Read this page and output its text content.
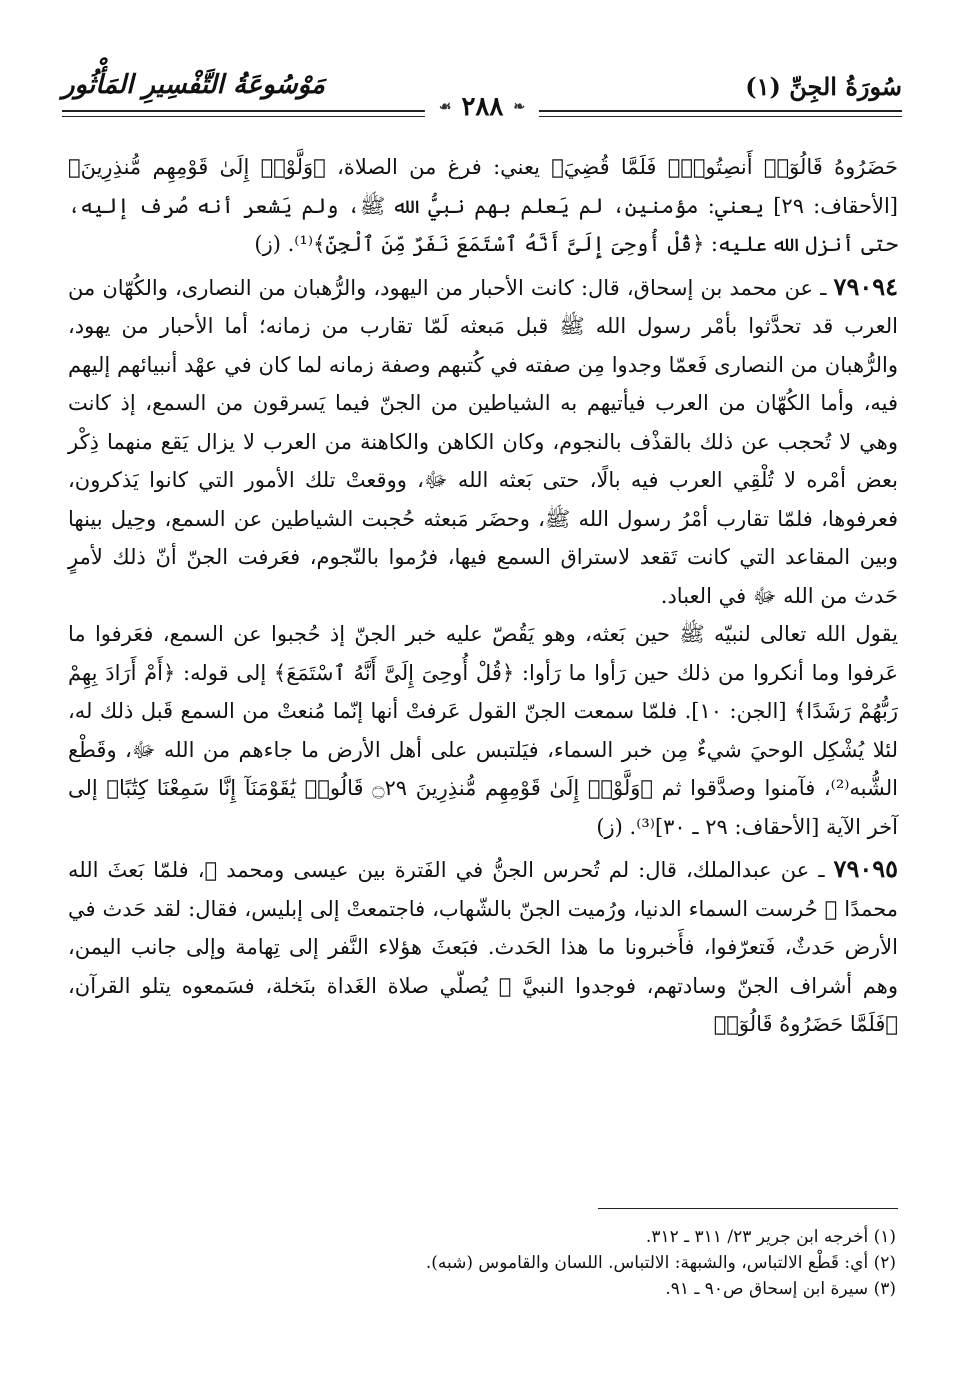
سُورَةُ الجِنِّ (١)
مَوْسُوعَةُ التَّفْسِيرِ المَأْثُور
❧
٢٨٨
☙

حَضَرُوهُ قَالُوٓا۟ أَنصِتُوا۟ۖ فَلَمَّا قُضِيَ﴾ يعني: فرغ من الصلاة، ﴿وَلَّوْا۟ إِلَىٰ قَوْمِهِم مُّنذِرِينَ﴾ [الأحقاف: ٢٩] يعني: مؤمنين، لم يَعلم بهم نبيُّ الله ﷺ، ولم يَشعر أنه صُرف إليه، حتى أنزل الله عليه: ﴿قُلْ أُوحِىَ إِلَىَّ أَنَّهُ ٱسْتَمَعَ نَفَرٌ مِّنَ ٱلْجِنِّ﴾⁽¹⁾. (ز)

٧٩٠٩٤ ـ عن محمد بن إسحاق، قال: كانت الأحبار من اليهود، والرُّهبان من النصارى، والكُهّان من العرب قد تحدَّثوا بأمْر رسول الله ﷺ قبل مَبعثه لَمّا تقارب من زمانه؛ أما الأحبار من يهود، والرُّهبان من النصارى فَعمّا وجدوا مِن صفته في كُتبهم وصفة زمانه لما كان في عهْد أنبيائهم إليهم فيه، وأما الكُهّان من العرب فيأتيهم به الشياطين من الجنّ فيما يَسرقون من السمع، إذ كانت وهي لا تُحجب عن ذلك بالقذْف بالنجوم، وكان الكاهن والكاهنة من العرب لا يزال يَقع منهما ذِكْر بعض أمْره لا تُلْقِي العرب فيه بالًا، حتى بَعثه الله ﷻ، ووقعتْ تلك الأمور التي كانوا يَذكرون، فعرفوها، فلمّا تقارب أمْرُ رسول الله ﷺ، وحضَر مَبعثه حُجبت الشياطين عن السمع، وحِيل بينها وبين المقاعد التي كانت تَقعد لاستراق السمع فيها، فرُموا بالنّجوم، فعَرفت الجنّ أنّ ذلك لأمرٍ حَدث من الله ﷻ في العباد.

يقول الله تعالى لنبيّه ﷺ حين بَعثه، وهو يَقُصّ عليه خبر الجنّ إذ حُجبوا عن السمع، فعَرفوا ما عَرفوا وما أنكروا من ذلك حين رَأوا ما رَأوا: ﴿قُلْ أُوحِىَ إِلَىَّ أَنَّهُ ٱسْتَمَعَ﴾ إلى قوله: ﴿أَمْ أَرَادَ بِهِمْ رَبُّهُمْ رَشَدًا﴾ [الجن: ١٠]. فلمّا سمعت الجنّ القول عَرفتْ أنها إنّما مُنعتْ من السمع قَبل ذلك له، لئلا يُشْكِل الوحيَ شيءٌ مِن خبر السماء، فيَلتبس على أهل الأرض ما جاءهم من الله ﷻ، وقَطْع الشُّبه⁽²⁾، فآمنوا وصدَّقوا ثم ﴿وَلَّوْا۟ إِلَىٰ قَوْمِهِم مُّنذِرِينَ ۝٢٩ قَالُوا۟ يَٰقَوْمَنَآ إِنَّا سَمِعْنَا كِتَٰبًا﴾ إلى آخر الآية [الأحقاف: ٢٩ ـ ٣٠]⁽³⁾. (ز)

٧٩٠٩٥ ـ عن عبدالملك، قال: لم تُحرس الجنُّ في الفَترة بين عيسى ومحمد ﷺ، فلمّا بَعثَ الله محمدًا ﷺ حُرست السماء الدنيا، ورُميت الجنّ بالشّهاب، فاجتمعتْ إلى إبليس، فقال: لقد حَدث في الأرض حَدثٌ، فَتعرّفوا، فأَخبرونا ما هذا الحَدث. فبَعثَ هؤلاء النَّفر إلى تِهامة وإلى جانب اليمن، وهم أشراف الجنّ وسادتهم، فوجدوا النبيَّ ﷺ يُصلّي صلاة الغَداة بنَخلة، فسَمعوه يتلو القرآن، ﴿فَلَمَّا حَضَرُوهُ قَالُوٓا۟

(١) أخرجه ابن جرير ٢٣/ ٣١١ ـ ٣١٢.

(٢) أي: قَطْع الالتباس، والشبهة: الالتباس. اللسان والقاموس (شبه).

(٣) سيرة ابن إسحاق ص٩٠ ـ ٩١.
